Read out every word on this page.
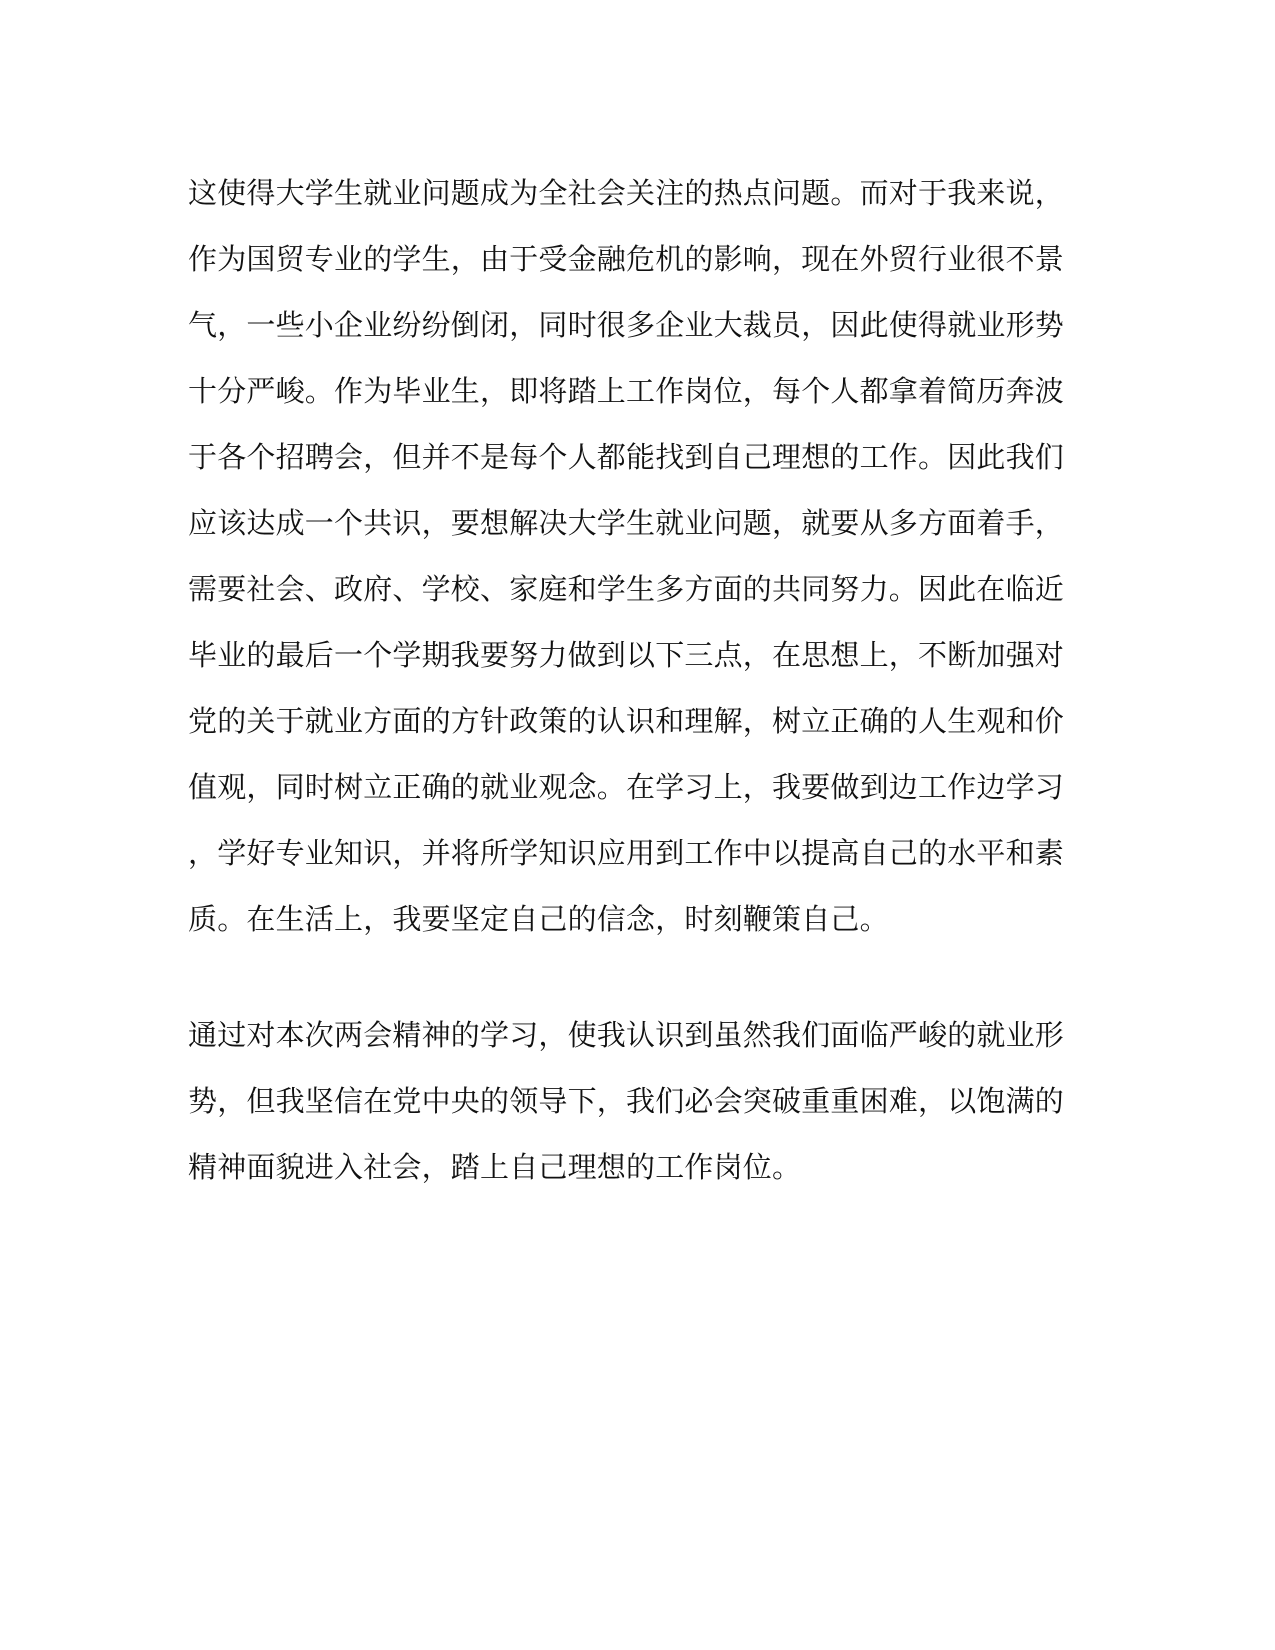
这使得大学生就业问题成为全社会关注的热点问题。而对于我来说，
作为国贸专业的学生，由于受金融危机的影响，现在外贸行业很不景
气，一些小企业纷纷倒闭，同时很多企业大裁员，因此使得就业形势
十分严峻。作为毕业生，即将踏上工作岗位，每个人都拿着简历奔波
于各个招聘会，但并不是每个人都能找到自己理想的工作。因此我们
应该达成一个共识，要想解决大学生就业问题，就要从多方面着手，
需要社会、政府、学校、家庭和学生多方面的共同努力。因此在临近
毕业的最后一个学期我要努力做到以下三点，在思想上，不断加强对
党的关于就业方面的方针政策的认识和理解，树立正确的人生观和价
值观，同时树立正确的就业观念。在学习上，我要做到边工作边学习
，学好专业知识，并将所学知识应用到工作中以提高自己的水平和素
质。在生活上，我要坚定自己的信念，时刻鞭策自己。
通过对本次两会精神的学习，使我认识到虽然我们面临严峻的就业形
势，但我坚信在党中央的领导下，我们必会突破重重困难，以饱满的
精神面貌进入社会，踏上自己理想的工作岗位。
